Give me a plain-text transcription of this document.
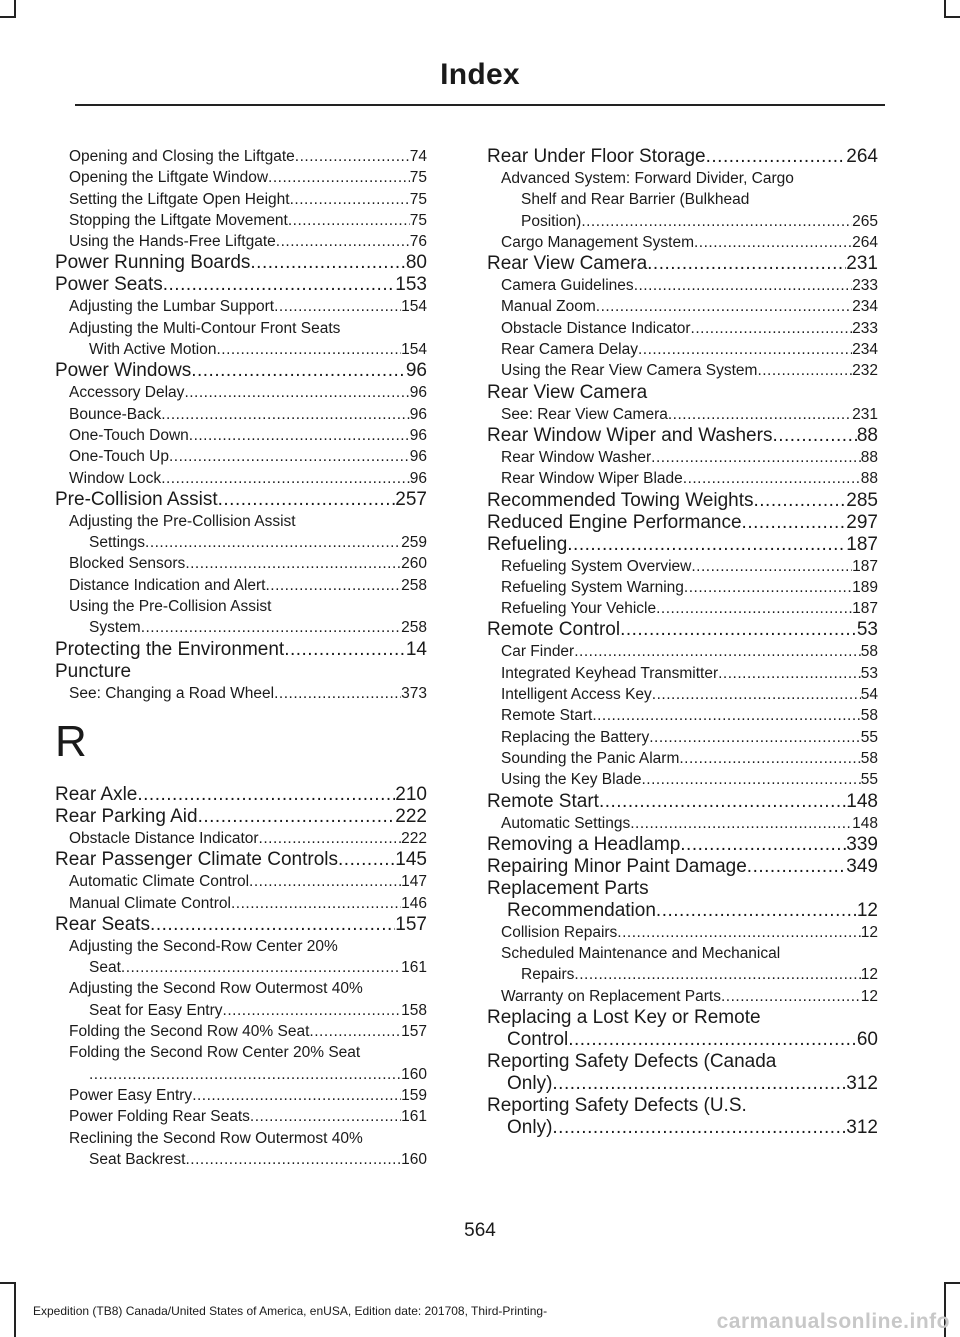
Index
Opening and Closing the Liftgate .....	74
Opening the Liftgate Window .....	75
Setting the Liftgate Open Height .....	75
Stopping the Liftgate Movement .....	75
Using the Hands-Free Liftgate .....	76
Power Running Boards .....	80
Power Seats .....	153
Adjusting the Lumbar Support .....	154
Adjusting the Multi-Contour Front Seats
With Active Motion .....	154
Power Windows .....	96
Accessory Delay .....	96
Bounce-Back .....	96
One-Touch Down .....	96
One-Touch Up .....	96
Window Lock .....	96
Pre-Collision Assist .....	257
Adjusting the Pre-Collision Assist
Settings .....	259
Blocked Sensors .....	260
Distance Indication and Alert .....	258
Using the Pre-Collision Assist
System .....	258
Protecting the Environment .....	14
Puncture
See: Changing a Road Wheel .....	373
R
Rear Axle .....	210
Rear Parking Aid .....	222
Obstacle Distance Indicator .....	222
Rear Passenger Climate Controls .....	145
Automatic Climate Control .....	147
Manual Climate Control .....	146
Rear Seats .....	157
Adjusting the Second-Row Center 20%
Seat .....	161
Adjusting the Second Row Outermost 40%
Seat for Easy Entry .....	158
Folding the Second Row 40% Seat .....	157
Folding the Second Row Center 20% Seat
.....
160
Power Easy Entry .....	159
Power Folding Rear Seats .....	161
Reclining the Second Row Outermost 40%
Seat Backrest .....	160
Rear Under Floor Storage .....	264
Advanced System: Forward Divider, Cargo
Shelf and Rear Barrier (Bulkhead
Position) .....	265
Cargo Management System .....	264
Rear View Camera .....	231
Camera Guidelines .....	233
Manual Zoom .....	234
Obstacle Distance Indicator .....	233
Rear Camera Delay .....	234
Using the Rear View Camera System .....	232
Rear View Camera
See: Rear View Camera .....	231
Rear Window Wiper and Washers .....	88
Rear Window Washer .....	88
Rear Window Wiper Blade .....	88
Recommended Towing Weights .....	285
Reduced Engine Performance .....	297
Refueling .....	187
Refueling System Overview .....	187
Refueling System Warning .....	189
Refueling Your Vehicle .....	187
Remote Control .....	53
Car Finder .....	58
Integrated Keyhead Transmitter .....	53
Intelligent Access Key .....	54
Remote Start .....	58
Replacing the Battery .....	55
Sounding the Panic Alarm .....	58
Using the Key Blade .....	55
Remote Start .....	148
Automatic Settings .....	148
Removing a Headlamp .....	339
Repairing Minor Paint Damage .....	349
Replacement Parts
Recommendation .....	12
Collision Repairs .....	12
Scheduled Maintenance and Mechanical
Repairs .....	12
Warranty on Replacement Parts .....	12
Replacing a Lost Key or Remote
Control .....	60
Reporting Safety Defects (Canada
Only) .....	312
Reporting Safety Defects (U.S.
Only) .....	312
564
Expedition (TB8) Canada/United States of America, enUSA, Edition date: 201708, Third-Printing-	carmanualsonline.info
